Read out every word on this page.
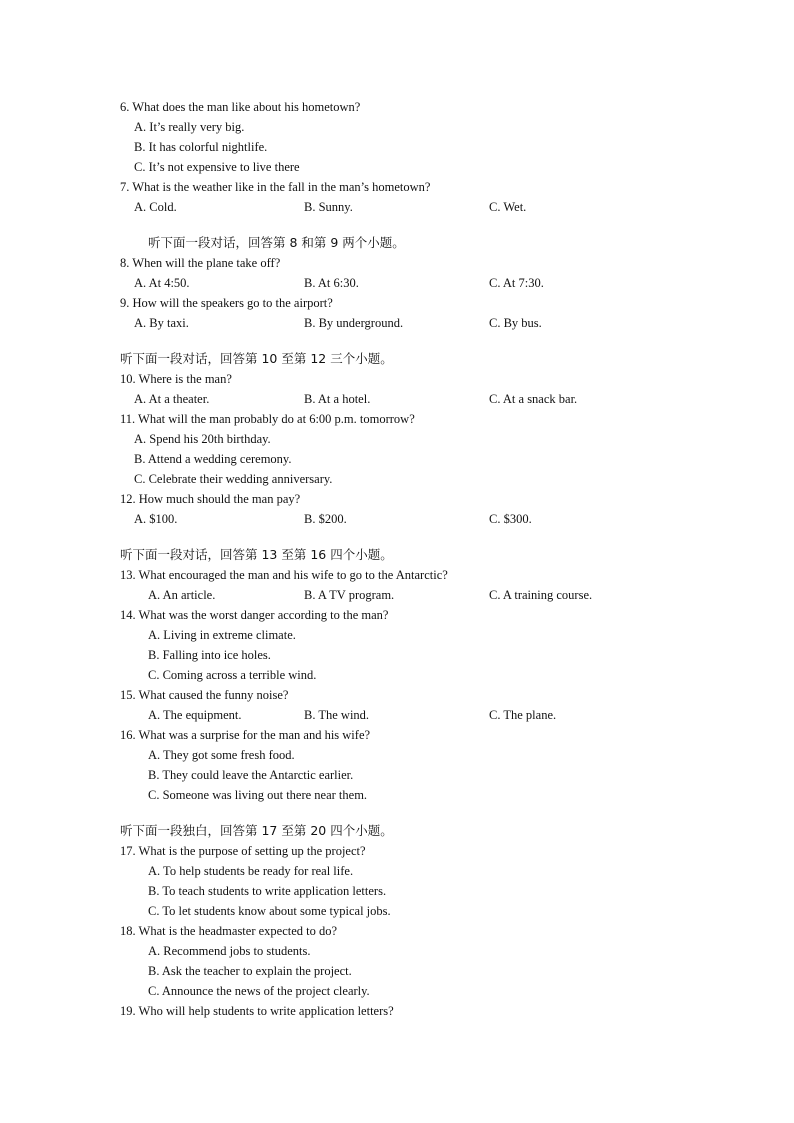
6. What does the man like about his hometown?
A. It’s really very big.
B. It has colorful nightlife.
C. It’s not expensive to live there
7. What is the weather like in the fall in the man’s hometown?
A. Cold.	B. Sunny.	C. Wet.
听下面一段对话，回答第 8 和第 9 两个小题。
8. When will the plane take off?
A. At 4:50.	B. At 6:30.	C. At 7:30.
9. How will the speakers go to the airport?
A. By taxi.	B. By underground.	C. By bus.
听下面一段对话，回答第 10 至第 12 三个小题。
10. Where is the man?
A. At a theater.	B. At a hotel.	C. At a snack bar.
11. What will the man probably do at 6:00 p.m. tomorrow?
A. Spend his 20th birthday.
B. Attend a wedding ceremony.
C. Celebrate their wedding anniversary.
12. How much should the man pay?
A. $100.	B. $200.	C. $300.
听下面一段对话，回答第 13 至第 16 四个小题。
13. What encouraged the man and his wife to go to the Antarctic?
A. An article.	B. A TV program.	C. A training course.
14. What was the worst danger according to the man?
A. Living in extreme climate.
B. Falling into ice holes.
C. Coming across a terrible wind.
15. What caused the funny noise?
A. The equipment.	B. The wind.	C. The plane.
16. What was a surprise for the man and his wife?
A. They got some fresh food.
B. They could leave the Antarctic earlier.
C. Someone was living out there near them.
听下面一段独白，回答第 17 至第 20 四个小题。
17. What is the purpose of setting up the project?
A. To help students be ready for real life.
B. To teach students to write application letters.
C. To let students know about some typical jobs.
18. What is the headmaster expected to do?
A. Recommend jobs to students.
B. Ask the teacher to explain the project.
C. Announce the news of the project clearly.
19. Who will help students to write application letters?
